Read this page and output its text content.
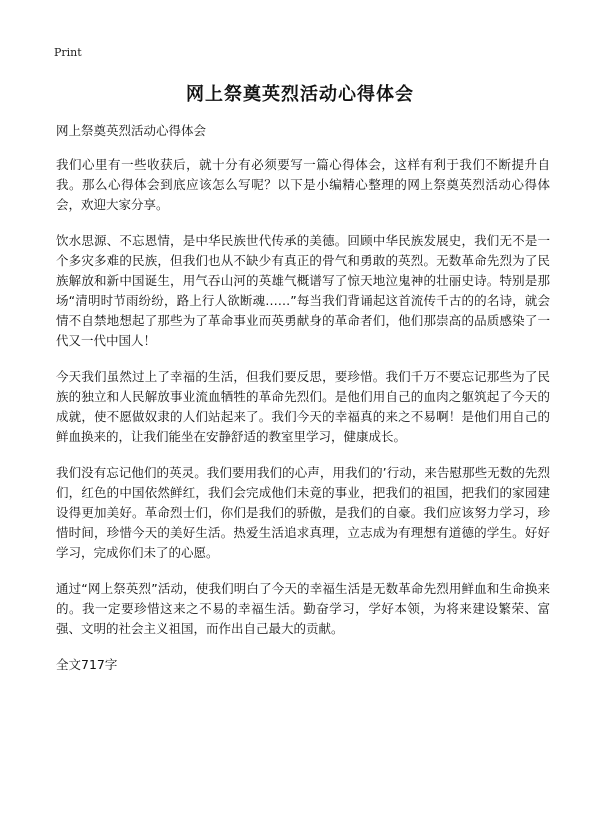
Print
网上祭奠英烈活动心得体会

网上祭奠英烈活动心得体会

我们心里有一些收获后，就十分有必须要写一篇心得体会，这样有利于我们不断提升自我。那么心得体会到底应该怎么写呢？以下是小编精心整理的网上祭奠英烈活动心得体会，欢迎大家分享。

饮水思源、不忘恩情，是中华民族世代传承的美德。回顾中华民族发展史，我们无不是一个多灾多难的民族，但我们也从不缺少有真正的骨气和勇敢的英烈。无数革命先烈为了民族解放和新中国诞生，用气吞山河的英雄气概谱写了惊天地泣鬼神的壮丽史诗。特别是那场“清明时节雨纷纷，路上行人欲断魂……”每当我们背诵起这首流传千古的的名诗，就会情不自禁地想起了那些为了革命事业而英勇献身的革命者们，他们那崇高的品质感染了一代又一代中国人！

今天我们虽然过上了幸福的生活，但我们要反思，要珍惜。我们千万不要忘记那些为了民族的独立和人民解放事业流血牺牲的革命先烈们。是他们用自己的血肉之躯筑起了今天的成就，使不愿做奴隶的人们站起来了。我们今天的幸福真的来之不易啊！是他们用自己的鲜血换来的，让我们能坐在安静舒适的教室里学习，健康成长。

我们没有忘记他们的英灵。我们要用我们的心声，用我们的’行动，来告慰那些无数的先烈们，红色的中国依然鲜红，我们会完成他们未竟的事业，把我们的祖国，把我们的家园建设得更加美好。革命烈士们，你们是我们的骄傲，是我们的自豪。我们应该努力学习，珍惜时间，珍惜今天的美好生活。热爱生活追求真理，立志成为有理想有道德的学生。好好学习，完成你们未了的心愿。

通过“网上祭英烈”活动，使我们明白了今天的幸福生活是无数革命先烈用鲜血和生命换来的。我一定要珍惜这来之不易的幸福生活。勤奋学习，学好本领，为将来建设繁荣、富强、文明的社会主义祖国，而作出自己最大的贡献。

全文717字
